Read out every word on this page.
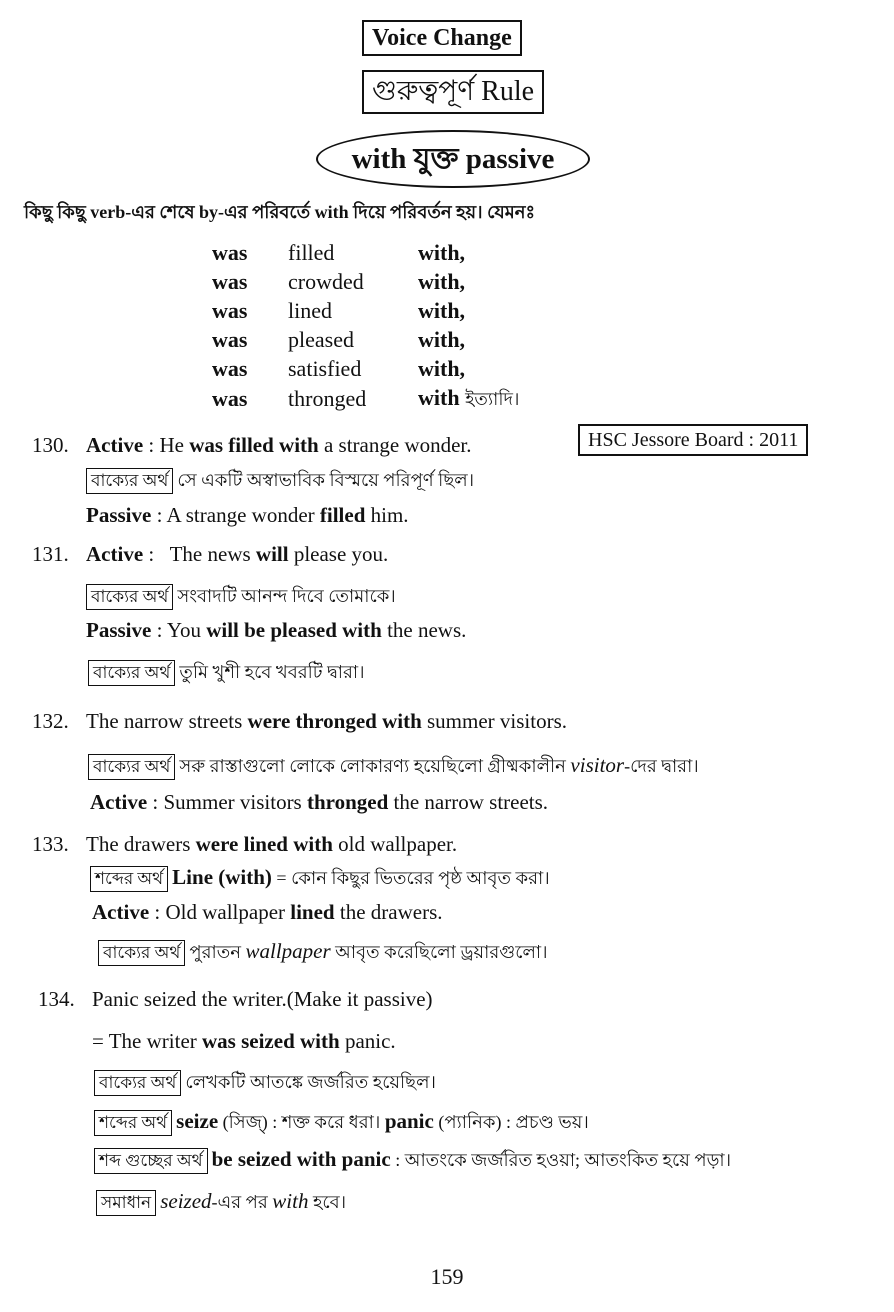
Voice Change
গুরুত্বপূর্ণ Rule
with যুক্ত passive
কিছু কিছু verb-এর শেষে by-এর পরিবর্তে with দিয়ে পরিবর্তন হয়। যেমনঃ
was	filled	with,
was	crowded	with,
was	lined	with,
was	pleased	with,
was	satisfied	with,
was	thronged	with ইত্যাদি।
HSC Jessore Board : 2011
130. Active : He was filled with a strange wonder.
বাক্যের অর্থ সে একটি অস্বাভাবিক বিস্ময়ে পরিপূর্ণ ছিল।
Passive : A strange wonder filled him.
131. Active :   The news will please you.
বাক্যের অর্থ সংবাদটি আনন্দ দিবে তোমাকে।
Passive : You will be pleased with the news.
বাক্যের অর্থ তুমি খুশী হবে খবরটি দ্বারা।
132. The narrow streets were thronged with summer visitors.
বাক্যের অর্থ সরু রাস্তাগুলো লোকে লোকারণ্য হয়েছিলো গ্রীষ্মকালীন visitor-দের দ্বারা।
Active : Summer visitors thronged the narrow streets.
133. The drawers were lined with old wallpaper.
শব্দের অর্থ Line (with) = কোন কিছুর ভিতরের পৃষ্ঠ আবৃত করা।
Active : Old wallpaper lined the drawers.
বাক্যের অর্থ পুরাতন wallpaper আবৃত করেছিলো ড্রয়ারগুলো।
134. Panic seized the writer.(Make it passive)
= The writer was seized with panic.
বাক্যের অর্থ লেখকটি আতঙ্কে জর্জরিত হয়েছিল।
শব্দের অর্থ seize (সিজ্) : শক্ত করে ধরা। panic (প্যানিক) : প্রচণ্ড ভয়।
শব্দ গুচ্ছের অর্থ be seized with panic : আতংকে জর্জরিত হওয়া; আতংকিত হয়ে পড়া।
সমাধান seized-এর পর with হবে।
159
